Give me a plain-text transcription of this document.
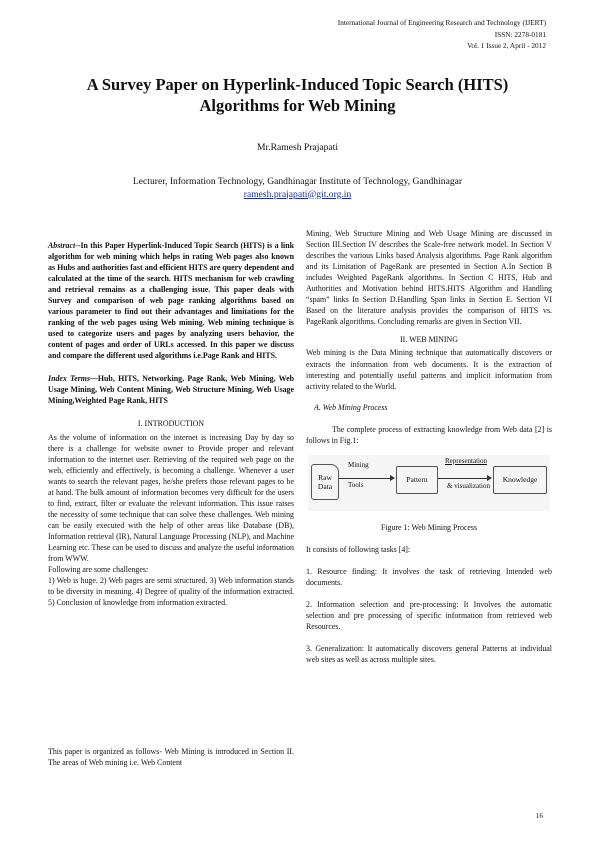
International Journal of Engineering Research and Technology (IJERT)
ISSN: 2278-0181
Vol. 1 Issue 2, April - 2012
A Survey Paper on Hyperlink-Induced Topic Search (HITS)
Algorithms for Web Mining
Mr.Ramesh Prajapati
Lecturer, Information Technology, Gandhinagar Institute of Technology, Gandhinagar
ramesh.prajapati@git.org.in

Abstract--In this Paper Hyperlink-Induced Topic Search (HITS) is a link algorithm for web mining which helps in rating Web pages also known as Hubs and authorities fast and efficient HITS are query dependent and calculated at the time of the search. HITS mechanism for web crawling and retrieval remains as a challenging issue. This paper deals with Survey and comparison of web page ranking algorithms based on various parameter to find out their advantages and limitations for the ranking of the web pages using Web mining. Web mining technique is used to categorize users and pages by analyzing users behavior, the content of pages and order of URLs accessed. In this paper we discuss and compare the different used algorithms i.e.Page Rank and HITS.

Index Terms—Hub, HITS, Networking, Page Rank, Web Mining, Web Usage Mining, Web Content Mining, Web Structure Mining, Web Usage Mining,Weighted Page Rank, HITS

I. INTRODUCTION

As the volume of information on the internet is increasing Day by day so there is a challenge for website owner to Provide proper and relevant information to the internet user. Retrieving of the required web page on the web, efficiently and effectively, is becoming a challenge. Whenever a user wants to search the relevant pages, he/she prefers those relevant pages to be at hand. The bulk amount of information becomes very difficult for the users to find, extract, filter or evaluate the relevant information. This issue raises the necessity of some technique that can solve these challenges. Web mining can be easily executed with the help of other areas like Database (DB), Information retrieval (IR), Natural Language Processing (NLP), and Machine Learning etc. These can be used to discuss and analyze the useful information from WWW.

Following are some challenges:

1) Web is huge. 2) Web pages are semi structured. 3) Web information stands to be diversity in meaning. 4) Degree of quality of the information extracted. 5) Conclusion of knowledge from information extracted.

This paper is organized as follows- Web Mining is introduced in Section II. The areas of Web mining i.e. Web Content

Mining, Web Structure Mining and Web Usage Mining are discussed in Section III.Section IV describes the Scale-free network model. In Section V describes the various Links based Analysis algorithms. Page Rank algorithm and its Limitation of PageRank are presented in Section A.In Section B includes Weighted PageRank algorithms. In Section C HITS, Hub and Authorities and Motivation behind HITS.HITS Algorithm and Handling “spam” links In Section D.Handling Span links in Section E. Section VI Based on the literature analysis provides the comparison of HITS vs. PageRank algorithms. Concluding remarks are given in Section VII.

II. WEB MINING

Web mining is the Data Mining technique that automatically discovers or extracts the information from web documents. It is the extraction of interesting and potentially useful patterns and implicit information from activity related to the World.

A. Web Mining Process

The complete process of extracting knowledge from Web data [2] is follows in Fig.1:

Raw Data
Mining
Tools
Pattern
Representation
& visualization
Knowledge

Figure 1: Web Mining Process

It consists of following tasks [4]:

1. Resource finding: It involves the task of retrieving Intended web documents.

2. Information selection and pre-processing: It Involves the automatic selection and pre processing of specific information from retrieved web Resources.

3. Generalization: It automatically discovers general Patterns at individual web sites as well as across multiple sites.

16
